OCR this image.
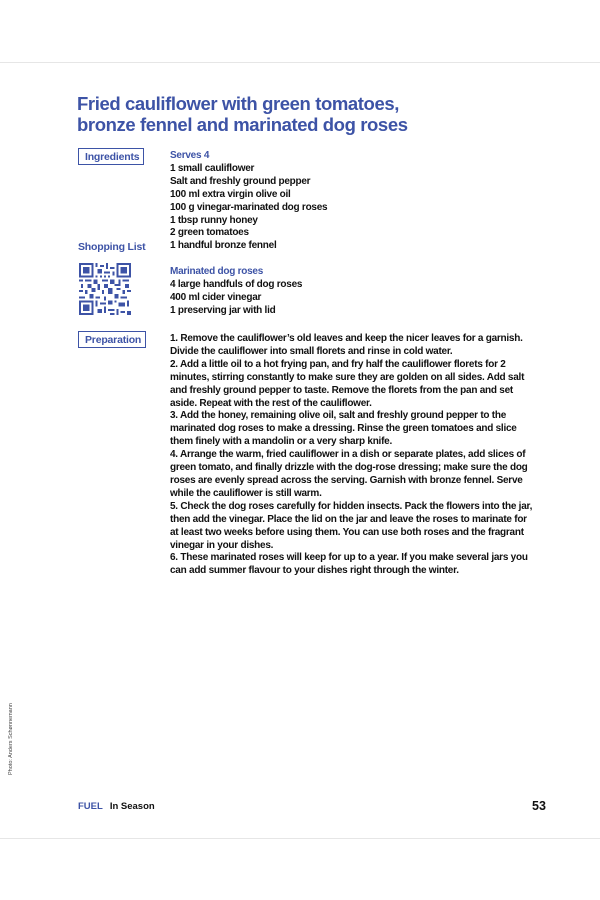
Fried cauliflower with green tomatoes,
bronze fennel and marinated dog roses
Ingredients	Serves 4
1 small cauliflower
Salt and freshly ground pepper
100 ml extra virgin olive oil
100 g vinegar-marinated dog roses
1 tbsp runny honey
2 green tomatoes
1 handful bronze fennel
Shopping List
Marinated dog roses
4 large handfuls of dog roses
400 ml cider vinegar
1 preserving jar with lid
Preparation	1. Remove the cauliflower’s old leaves and keep the nicer leaves for a garnish. Divide the cauliflower into small florets and rinse in cold water.

2. Add a little oil to a hot frying pan, and fry half the cauliflower florets for 2 minutes, stirring constantly to make sure they are golden on all sides. Add salt and freshly ground pepper to taste. Remove the florets from the pan and set aside. Repeat with the rest of the cauliflower.

3. Add the honey, remaining olive oil, salt and freshly ground pepper to the marinated dog roses to make a dressing. Rinse the green tomatoes and slice them finely with a mandolin or a very sharp knife.

4. Arrange the warm, fried cauliflower in a dish or separate plates, add slices of green tomato, and finally drizzle with the dog-rose dressing; make sure the dog roses are evenly spread across the serving. Garnish with bronze fennel. Serve while the cauliflower is still warm.

5. Check the dog roses carefully for hidden insects. Pack the flowers into the jar, then add the vinegar. Place the lid on the jar and leave the roses to marinate for at least two weeks before using them. You can use both roses and the fragrant vinegar in your dishes.

6. These marinated roses will keep for up to a year. If you make several jars you can add summer flavour to your dishes right through the winter.

Photo: Anders Schønnemann
FUEL In Season	53
